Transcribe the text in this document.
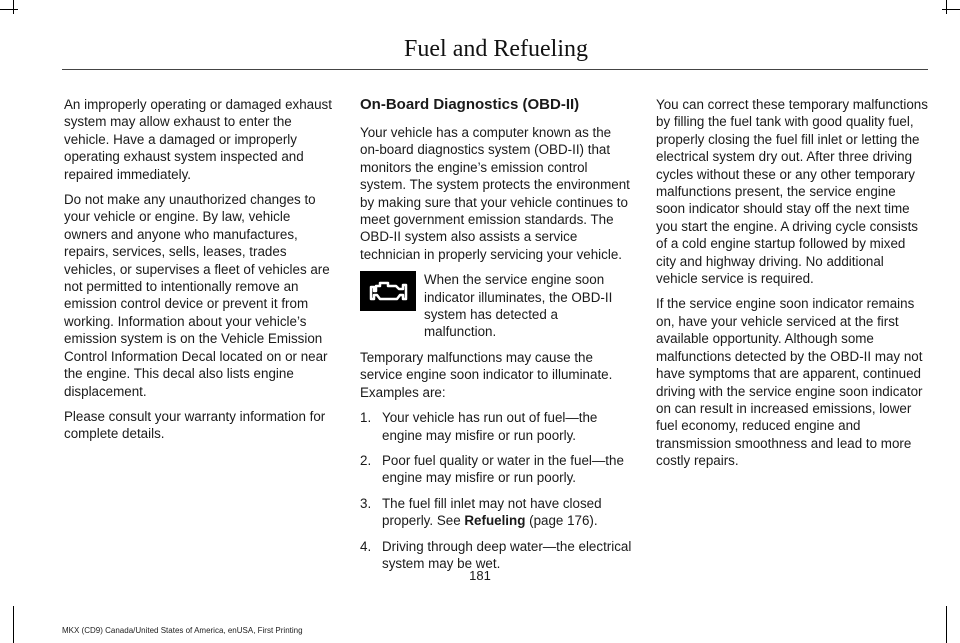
Fuel and Refueling

An improperly operating or damaged exhaust system may allow exhaust to enter the vehicle. Have a damaged or improperly operating exhaust system inspected and repaired immediately.

Do not make any unauthorized changes to your vehicle or engine. By law, vehicle owners and anyone who manufactures, repairs, services, sells, leases, trades vehicles, or supervises a fleet of vehicles are not permitted to intentionally remove an emission control device or prevent it from working. Information about your vehicle’s emission system is on the Vehicle Emission Control Information Decal located on or near the engine. This decal also lists engine displacement.

Please consult your warranty information for complete details.

On-Board Diagnostics (OBD-II)

Your vehicle has a computer known as the on-board diagnostics system (OBD-II) that monitors the engine’s emission control system. The system protects the environment by making sure that your vehicle continues to meet government emission standards. The OBD-II system also assists a service technician in properly servicing your vehicle.

When the service engine soon indicator illuminates, the OBD-II system has detected a malfunction.

Temporary malfunctions may cause the service engine soon indicator to illuminate. Examples are:

1. Your vehicle has run out of fuel—the engine may misfire or run poorly.
2. Poor fuel quality or water in the fuel—the engine may misfire or run poorly.
3. The fuel fill inlet may not have closed properly. See Refueling (page 176).
4. Driving through deep water—the electrical system may be wet.

You can correct these temporary malfunctions by filling the fuel tank with good quality fuel, properly closing the fuel fill inlet or letting the electrical system dry out. After three driving cycles without these or any other temporary malfunctions present, the service engine soon indicator should stay off the next time you start the engine. A driving cycle consists of a cold engine startup followed by mixed city and highway driving. No additional vehicle service is required.

If the service engine soon indicator remains on, have your vehicle serviced at the first available opportunity. Although some malfunctions detected by the OBD-II may not have symptoms that are apparent, continued driving with the service engine soon indicator on can result in increased emissions, lower fuel economy, reduced engine and transmission smoothness and lead to more costly repairs.

181
MKX (CD9) Canada/United States of America, enUSA, First Printing
